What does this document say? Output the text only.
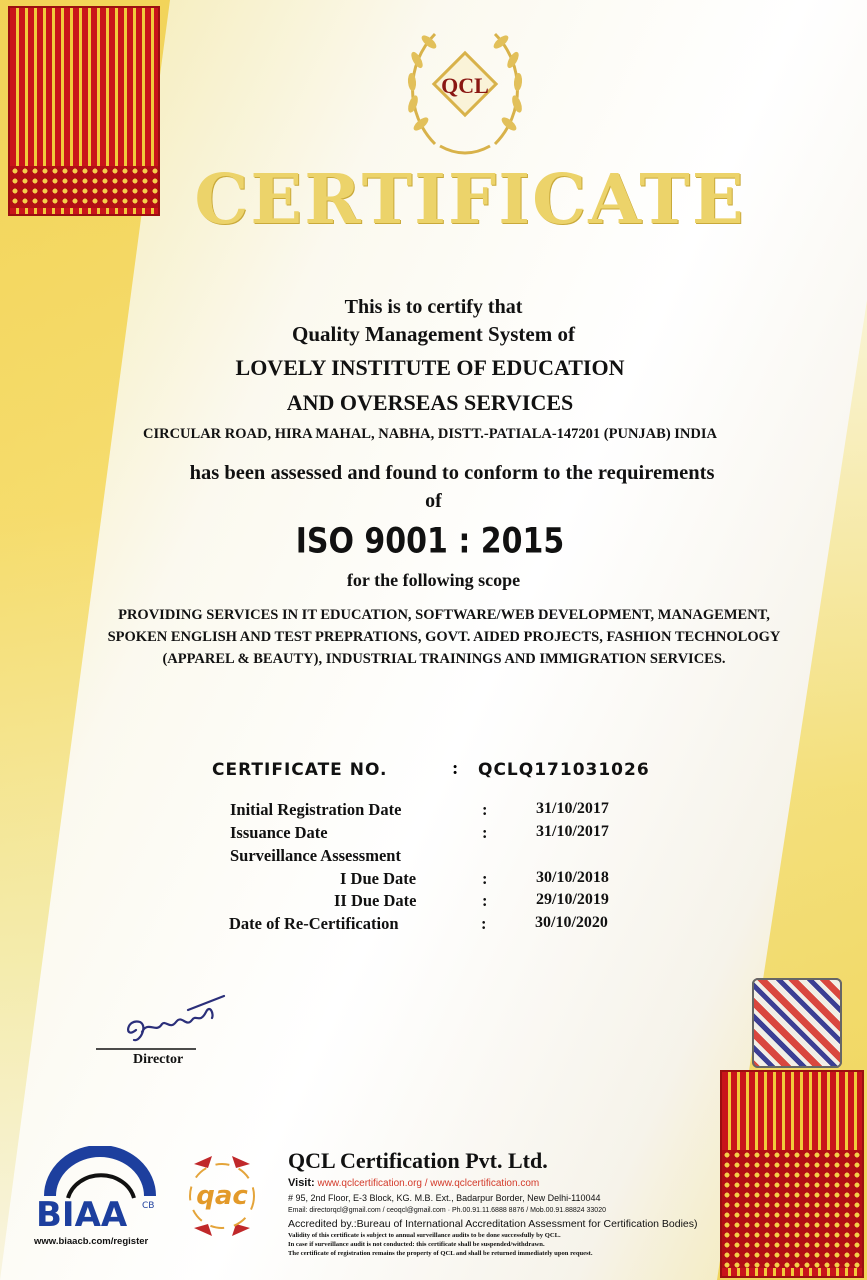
QCL
CERTIFICATE
This is to certify that
Quality Management System of
LOVELY INSTITUTE OF EDUCATION
AND OVERSEAS SERVICES
CIRCULAR ROAD, HIRA MAHAL, NABHA, DISTT.-PATIALA-147201 (PUNJAB) INDIA
has been assessed and found to conform to the requirements
of
ISO 9001 : 2015
for the following scope
PROVIDING SERVICES IN IT EDUCATION, SOFTWARE/WEB DEVELOPMENT, MANAGEMENT,
SPOKEN ENGLISH AND TEST PREPRATIONS, GOVT. AIDED PROJECTS, FASHION TECHNOLOGY
(APPAREL & BEAUTY), INDUSTRIAL TRAININGS AND IMMIGRATION SERVICES.
CERTIFICATE NO.	: QCLQ171031026
Initial Registration Date	:	31/10/2017
Issuance Date	:	31/10/2017
Surveillance Assessment
I Due Date	:	30/10/2018
II Due Date	:	29/10/2019
Date of Re-Certification	:	30/10/2020
Director
BIAA CB
www.biaacb.com/register
qac
QCL Certification Pvt. Ltd.
Visit: www.qclcertification.org / www.qclcertification.com
# 95, 2nd Floor, E-3 Block, KG. M.B. Ext., Badarpur Border, New Delhi-110044
Email: directorqcl@gmail.com / ceoqcl@gmail.com · Ph.00.91.11.6888 8876 / Mob.00.91.88824 33020
Accredited by.:Bureau of International Accreditation Assessment for Certification Bodies)
Validity of this certificate is subject to annual surveillance audits to be done successfully by QCL.
In case if surveillance audit is not conducted: this certificate shall be suspended/withdrawn.
The certificate of registration remains the property of QCL and shall be returned immediately upon request.
